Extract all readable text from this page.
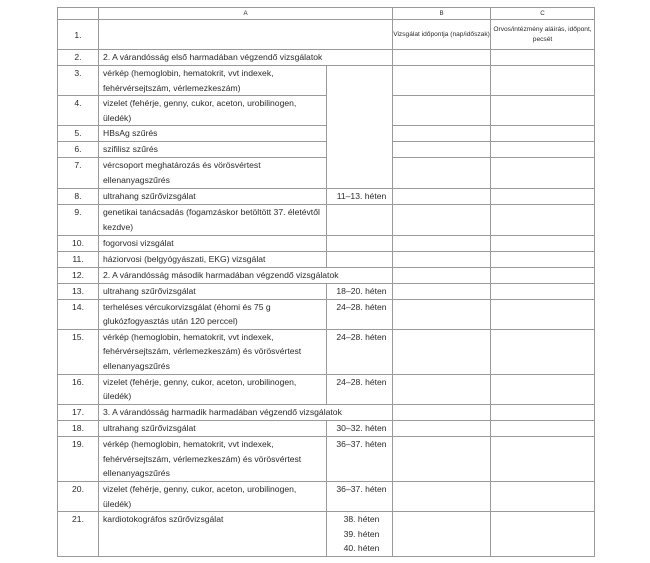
	A		B	C
1.			Vizsgálat időpontja (nap/időszak)	Orvos/intézmény aláírás, időpont, pecsét
2.	2. A várandósság első harmadában végzendő vizsgálatok			
3.	vérkép (hemoglobin, hematokrit, vvt indexek, fehérvérsejtszám, vérlemezkeszám)			
4.	vizelet (fehérje, genny, cukor, aceton, urobilinogen, üledék)			
5.	HBsAg szűrés			
6.	szifilisz szűrés			
7.	vércsoport meghatározás és vörösvértest ellenanyagszűrés			
8.	ultrahang szűrővizsgálat	11–13. héten		
9.	genetikai tanácsadás (fogamzáskor betöltött 37. életévtől kezdve)			
10.	fogorvosi vizsgálat			
11.	háziorvosi (belgyógyászati, EKG) vizsgálat			
12.	2. A várandósság második harmadában végzendő vizsgálatok			
13.	ultrahang szűrővizsgálat	18–20. héten		
14.	terheléses vércukorvizsgálat (éhomi és 75 g glukózfogyasztás után 120 perccel)	24–28. héten		
15.	vérkép (hemoglobin, hematokrit, vvt indexek, fehérvérsejtszám, vérlemezkeszám) és vörösvértest ellenanyagszűrés	24–28. héten		
16.	vizelet (fehérje, genny, cukor, aceton, urobilinogen, üledék)	24–28. héten		
17.	3. A várandósság harmadik harmadában végzendő vizsgálatok			
18.	ultrahang szűrővizsgálat	30–32. héten		
19.	vérkép (hemoglobin, hematokrit, vvt indexek, fehérvérsejtszám, vérlemezkeszám) és vörösvértest ellenanyagszűrés	36–37. héten		
20.	vizelet (fehérje, genny, cukor, aceton, urobilinogen, üledék)	36–37. héten		
21.	kardiotokográfos szűrővizsgálat	38. héten
39. héten
40. héten		
